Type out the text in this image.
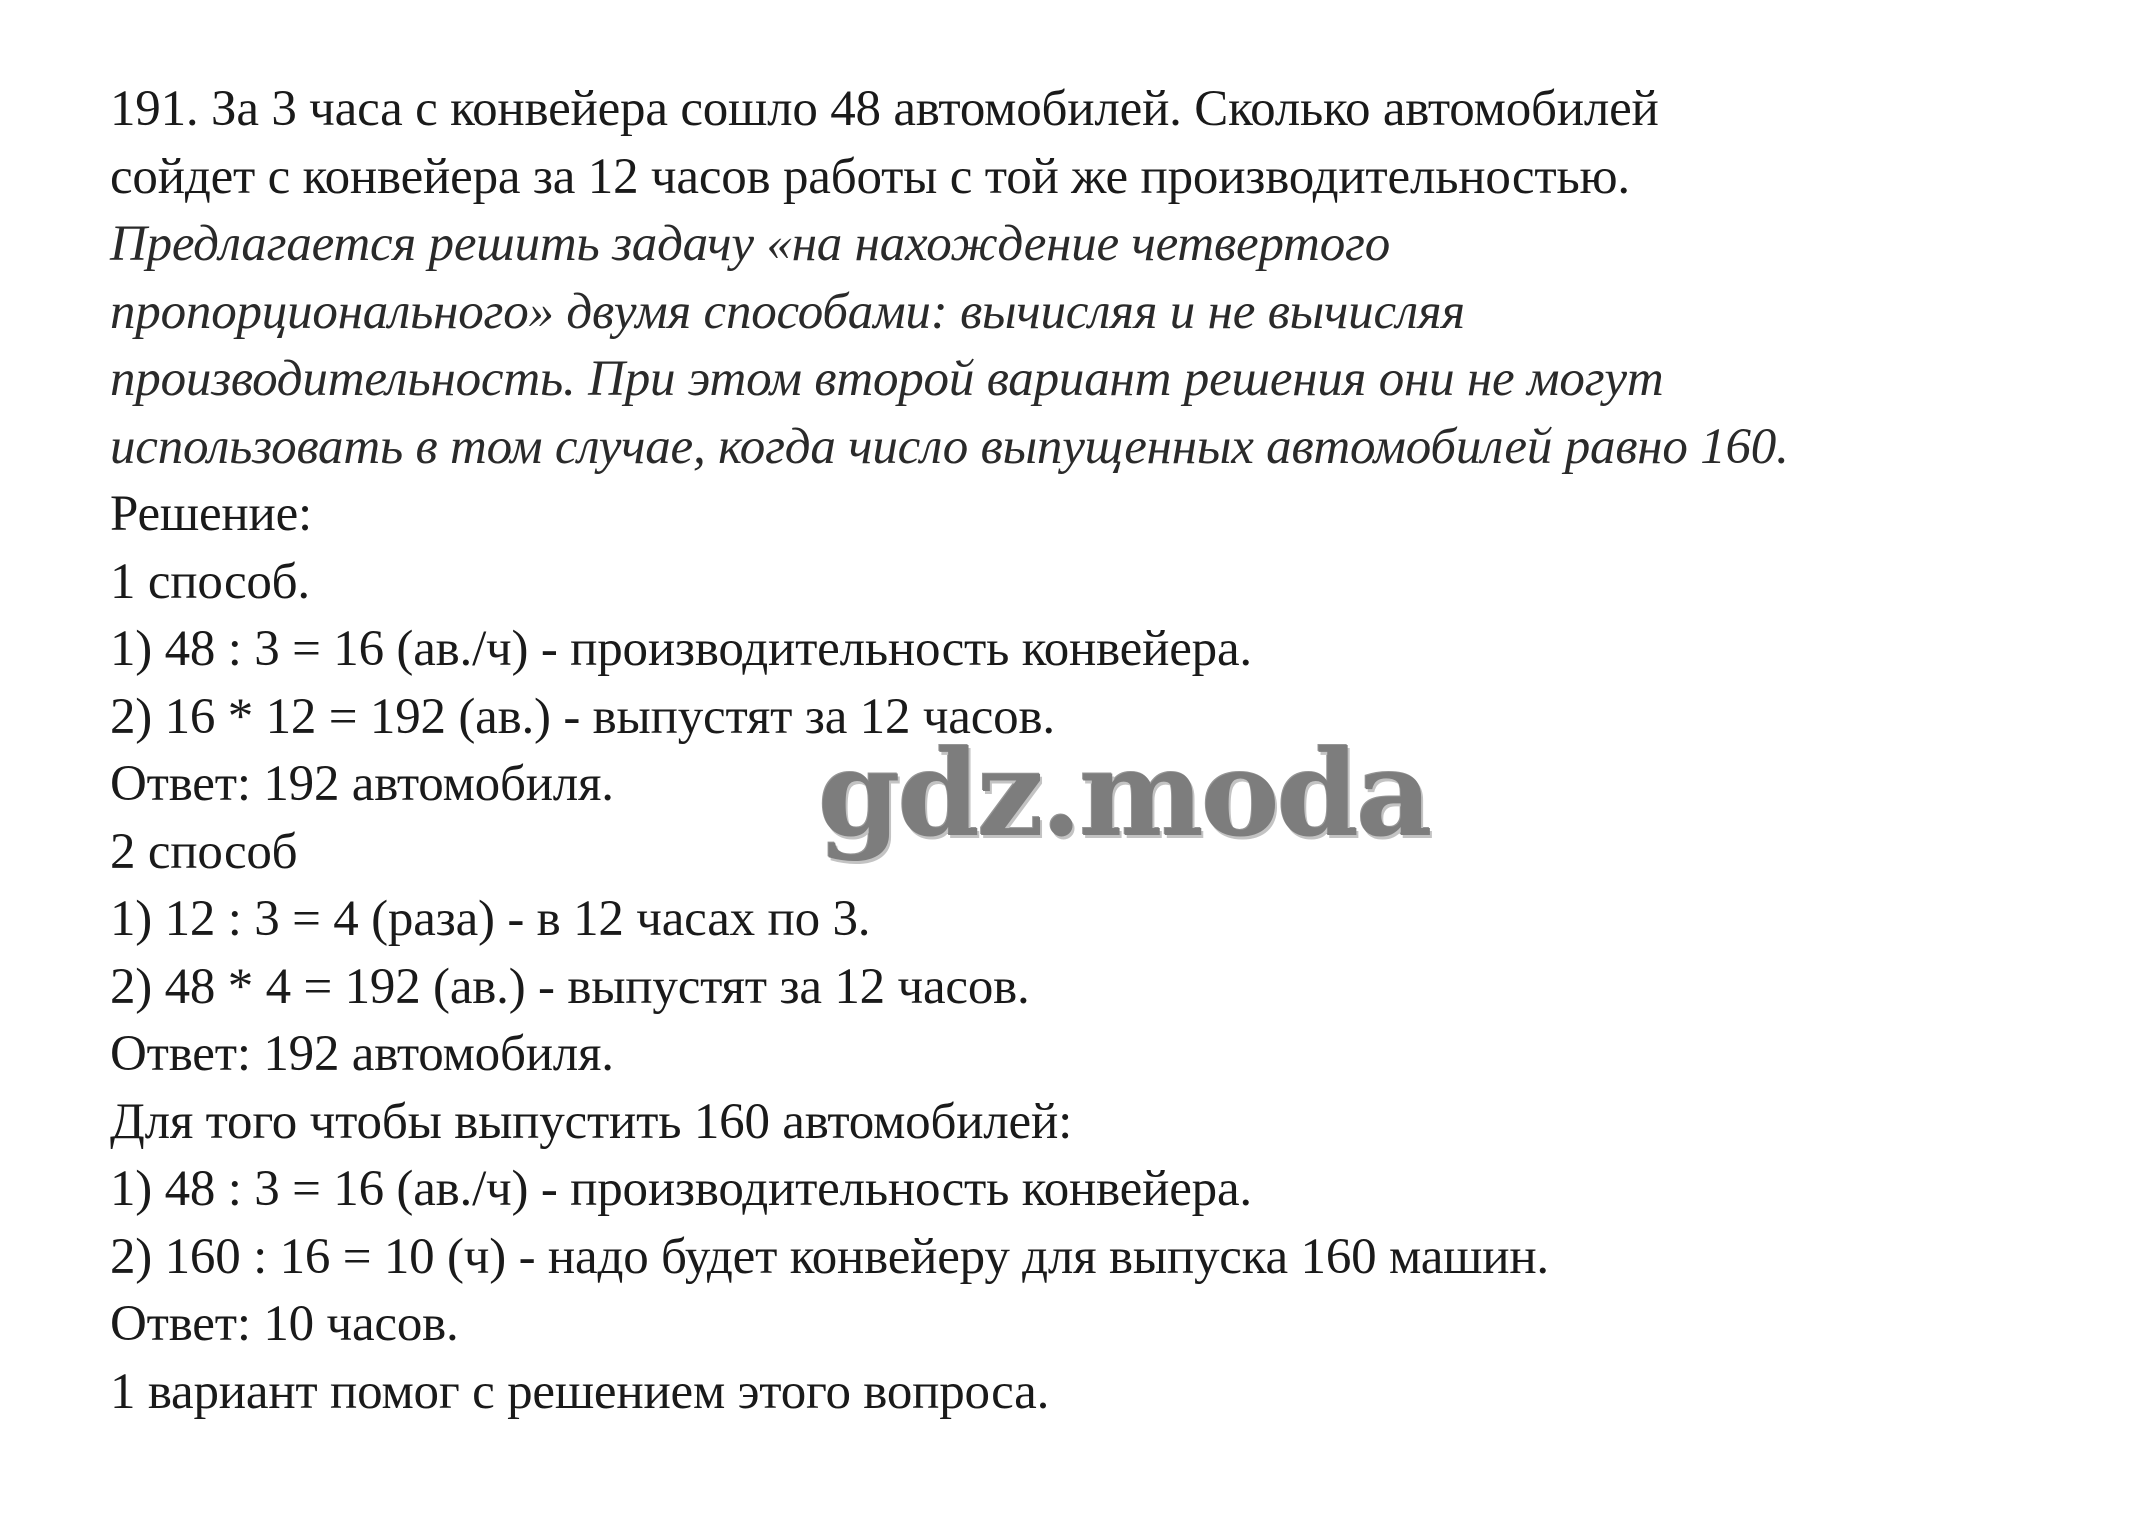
191. За 3 часа с конвейера сошло 48 автомобилей. Сколько автомобилей
сойдет с конвейера за 12 часов работы с той же производительностью.
Предлагается решить задачу «на нахождение четвертого
пропорционального» двумя способами: вычисляя и не вычисляя
производительность. При этом второй вариант решения они не могут
использовать в том случае, когда число выпущенных автомобилей равно 160.
Решение:
1 способ.
1) 48 : 3 = 16 (ав./ч) - производительность конвейера.
2) 16 * 12 = 192 (ав.) - выпустят за 12 часов.
Ответ: 192 автомобиля.
2 способ
1) 12 : 3 = 4 (раза) - в 12 часах по 3.
2) 48 * 4 = 192 (ав.) - выпустят за 12 часов.
Ответ: 192 автомобиля.
Для того чтобы выпустить 160 автомобилей:
1) 48 : 3 = 16 (ав./ч) - производительность конвейера.
2) 160 : 16 = 10 (ч) - надо будет конвейеру для выпуска 160 машин.
Ответ: 10 часов.
1 вариант помог с решением этого вопроса.
gdz.moda
